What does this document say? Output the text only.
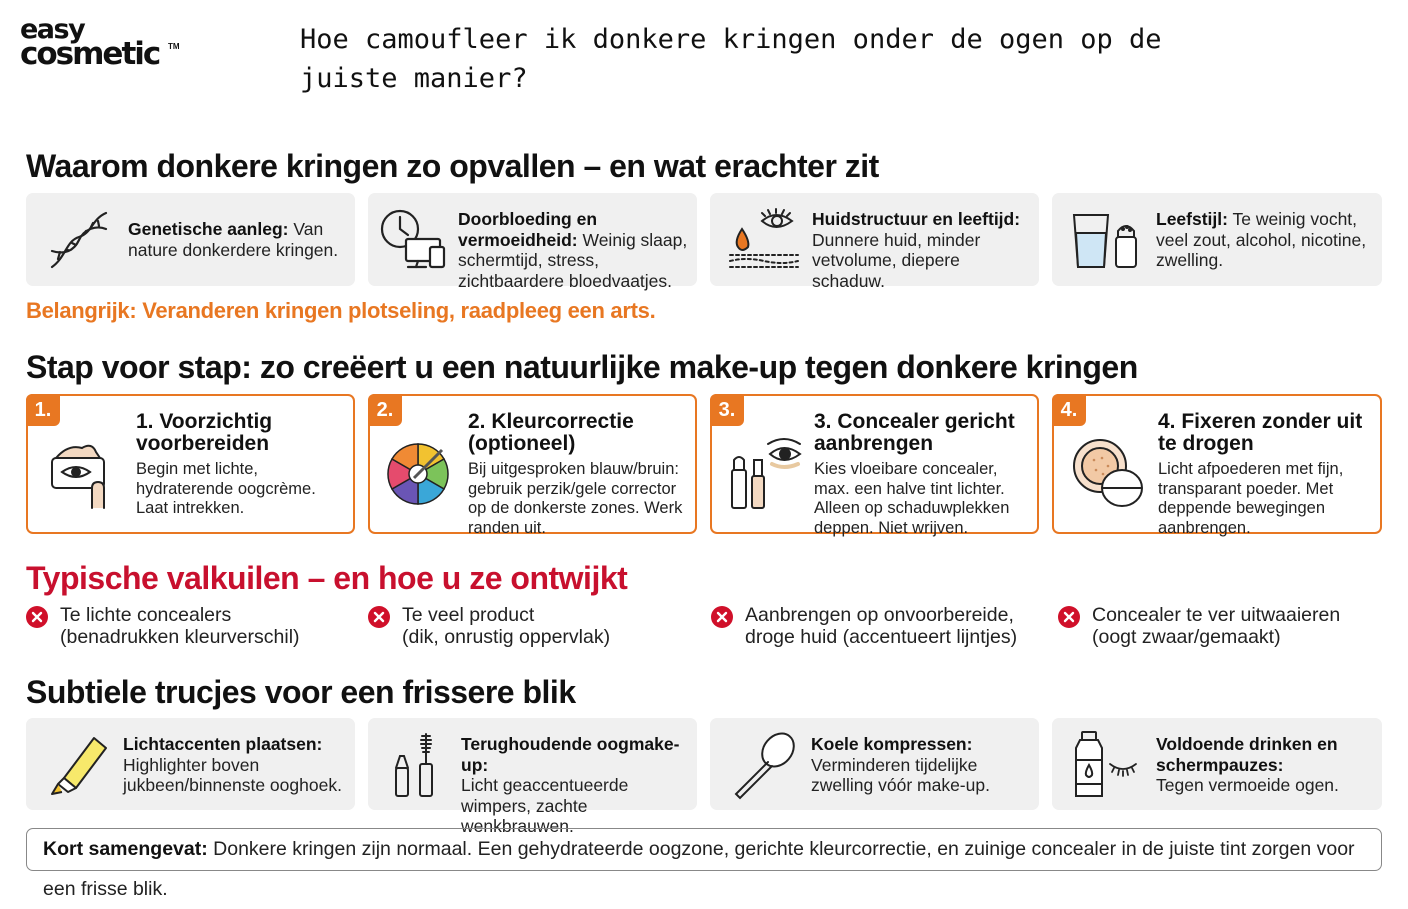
easy
cosmetic TM	Hoe camoufleer ik donkere kringen onder de ogen op de juiste manier?
Waarom donkere kringen zo opvallen – en wat erachter zit
Genetische aanleg: Van nature donkerdere kringen.
Doorbloeding en vermoeidheid: Weinig slaap, schermtijd, stress, zichtbaardere bloedvaatjes.
Huidstructuur en leeftijd: Dunnere huid, minder vetvolume, diepere schaduw.
Leefstijl: Te weinig vocht, veel zout, alcohol, nicotine, zwelling.
Belangrijk: Veranderen kringen plotseling, raadpleeg een arts.
Stap voor stap: zo creëert u een natuurlijke make-up tegen donkere kringen
1.	1. Voorzichtig voorbereiden
Begin met lichte, hydraterende oogcrème. Laat intrekken.
2.	2. Kleurcorrectie (optioneel)
Bij uitgesproken blauw/bruin: gebruik perzik/gele corrector op de donkerste zones. Werk randen uit.
3.	3. Concealer gericht aanbrengen
Kies vloeibare concealer, max. een halve tint lichter. Alleen op schaduwplekken deppen. Niet wrijven.
4.	4. Fixeren zonder uit te drogen
Licht afpoederen met fijn, transparant poeder. Met deppende bewegingen aanbrengen.
Typische valkuilen – en hoe u ze ontwijkt
Te lichte concealers
(benadrukken kleurverschil)
Te veel product
(dik, onrustig oppervlak)
Aanbrengen op onvoorbereide,
droge huid (accentueert lijntjes)
Concealer te ver uitwaaieren
(oogt zwaar/gemaakt)
Subtiele trucjes voor een frissere blik
Lichtaccenten plaatsen:
Highlighter boven jukbeen/binnenste ooghoek.
Terughoudende oogmake-up:
Licht geaccentueerde wimpers, zachte wenkbrauwen.
Koele kompressen:
Verminderen tijdelijke zwelling vóór make-up.
Voldoende drinken en schermpauzes:
Tegen vermoeide ogen.
Kort samengevat: Donkere kringen zijn normaal. Een gehydrateerde oogzone, gerichte kleurcorrectie, en zuinige concealer in de juiste tint zorgen voor een frisse blik.
